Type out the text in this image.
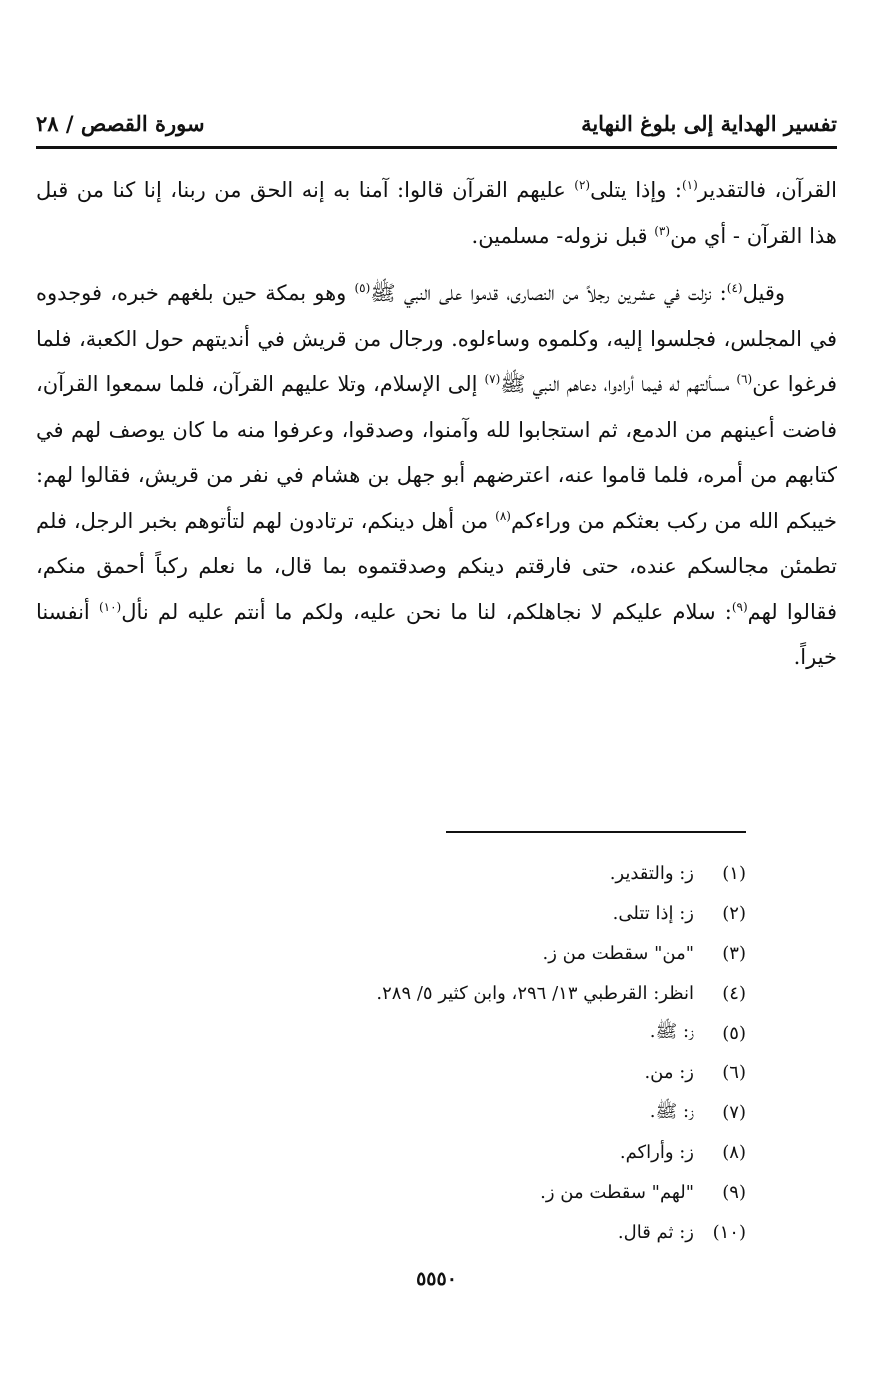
تفسير الهداية إلى بلوغ النهاية
سورة القصص / ٢٨

القرآن، فالتقدير$^{(١)}$: وإذا يتلى$^{(٢)}$ عليهم القرآن قالوا: آمنا به إنه الحق من ربنا، إنا كنا من قبل هذا القرآن - أي من$^{(٣)}$ قبل نزوله- مسلمين.

وقيل$^{(٤)}$: نزلت في عشرين رجلاً من النصارى، قدموا على النبي ﷺ$^{(٥)}$ وهو بمكة حين بلغهم خبره، فوجدوه في المجلس، فجلسوا إليه، وكلموه وساءلوه. ورجال من قريش في أنديتهم حول الكعبة، فلما فرغوا عن$^{(٦)}$ مسألتهم له فيما أرادوا، دعاهم النبي ﷺ$^{(٧)}$ إلى الإسلام، وتلا عليهم القرآن، فلما سمعوا القرآن، فاضت أعينهم من الدمع، ثم استجابوا لله وآمنوا، وصدقوا، وعرفوا منه ما كان يوصف لهم في كتابهم من أمره، فلما قاموا عنه، اعترضهم أبو جهل بن هشام في نفر من قريش، فقالوا لهم: خيبكم الله من ركب بعثكم من وراءكم$^{(٨)}$ من أهل دينكم، ترتادون لهم لتأتوهم بخبر الرجل، فلم تطمئن مجالسكم عنده، حتى فارقتم دينكم وصدقتموه بما قال، ما نعلم ركباً أحمق منكم، فقالوا لهم$^{(٩)}$: سلام عليكم لا نجاهلكم، لنا ما نحن عليه، ولكم ما أنتم عليه لم نأل$^{(١٠)}$ أنفسنا خيراً.

(١)
ز: والتقدير.
(٢)
ز: إذا تتلى.
(٣)
"من" سقطت من ز.
(٤)
انظر: القرطبي ١٣/ ٢٩٦، وابن كثير ٥/ ٢٨٩.
(٥)
ز: ﷺ.
(٦)
ز: من.
(٧)
ز: ﷺ.
(٨)
ز: وأراكم.
(٩)
"لهم" سقطت من ز.
(١٠)
ز: ثم قال.
٥٥٥٠
